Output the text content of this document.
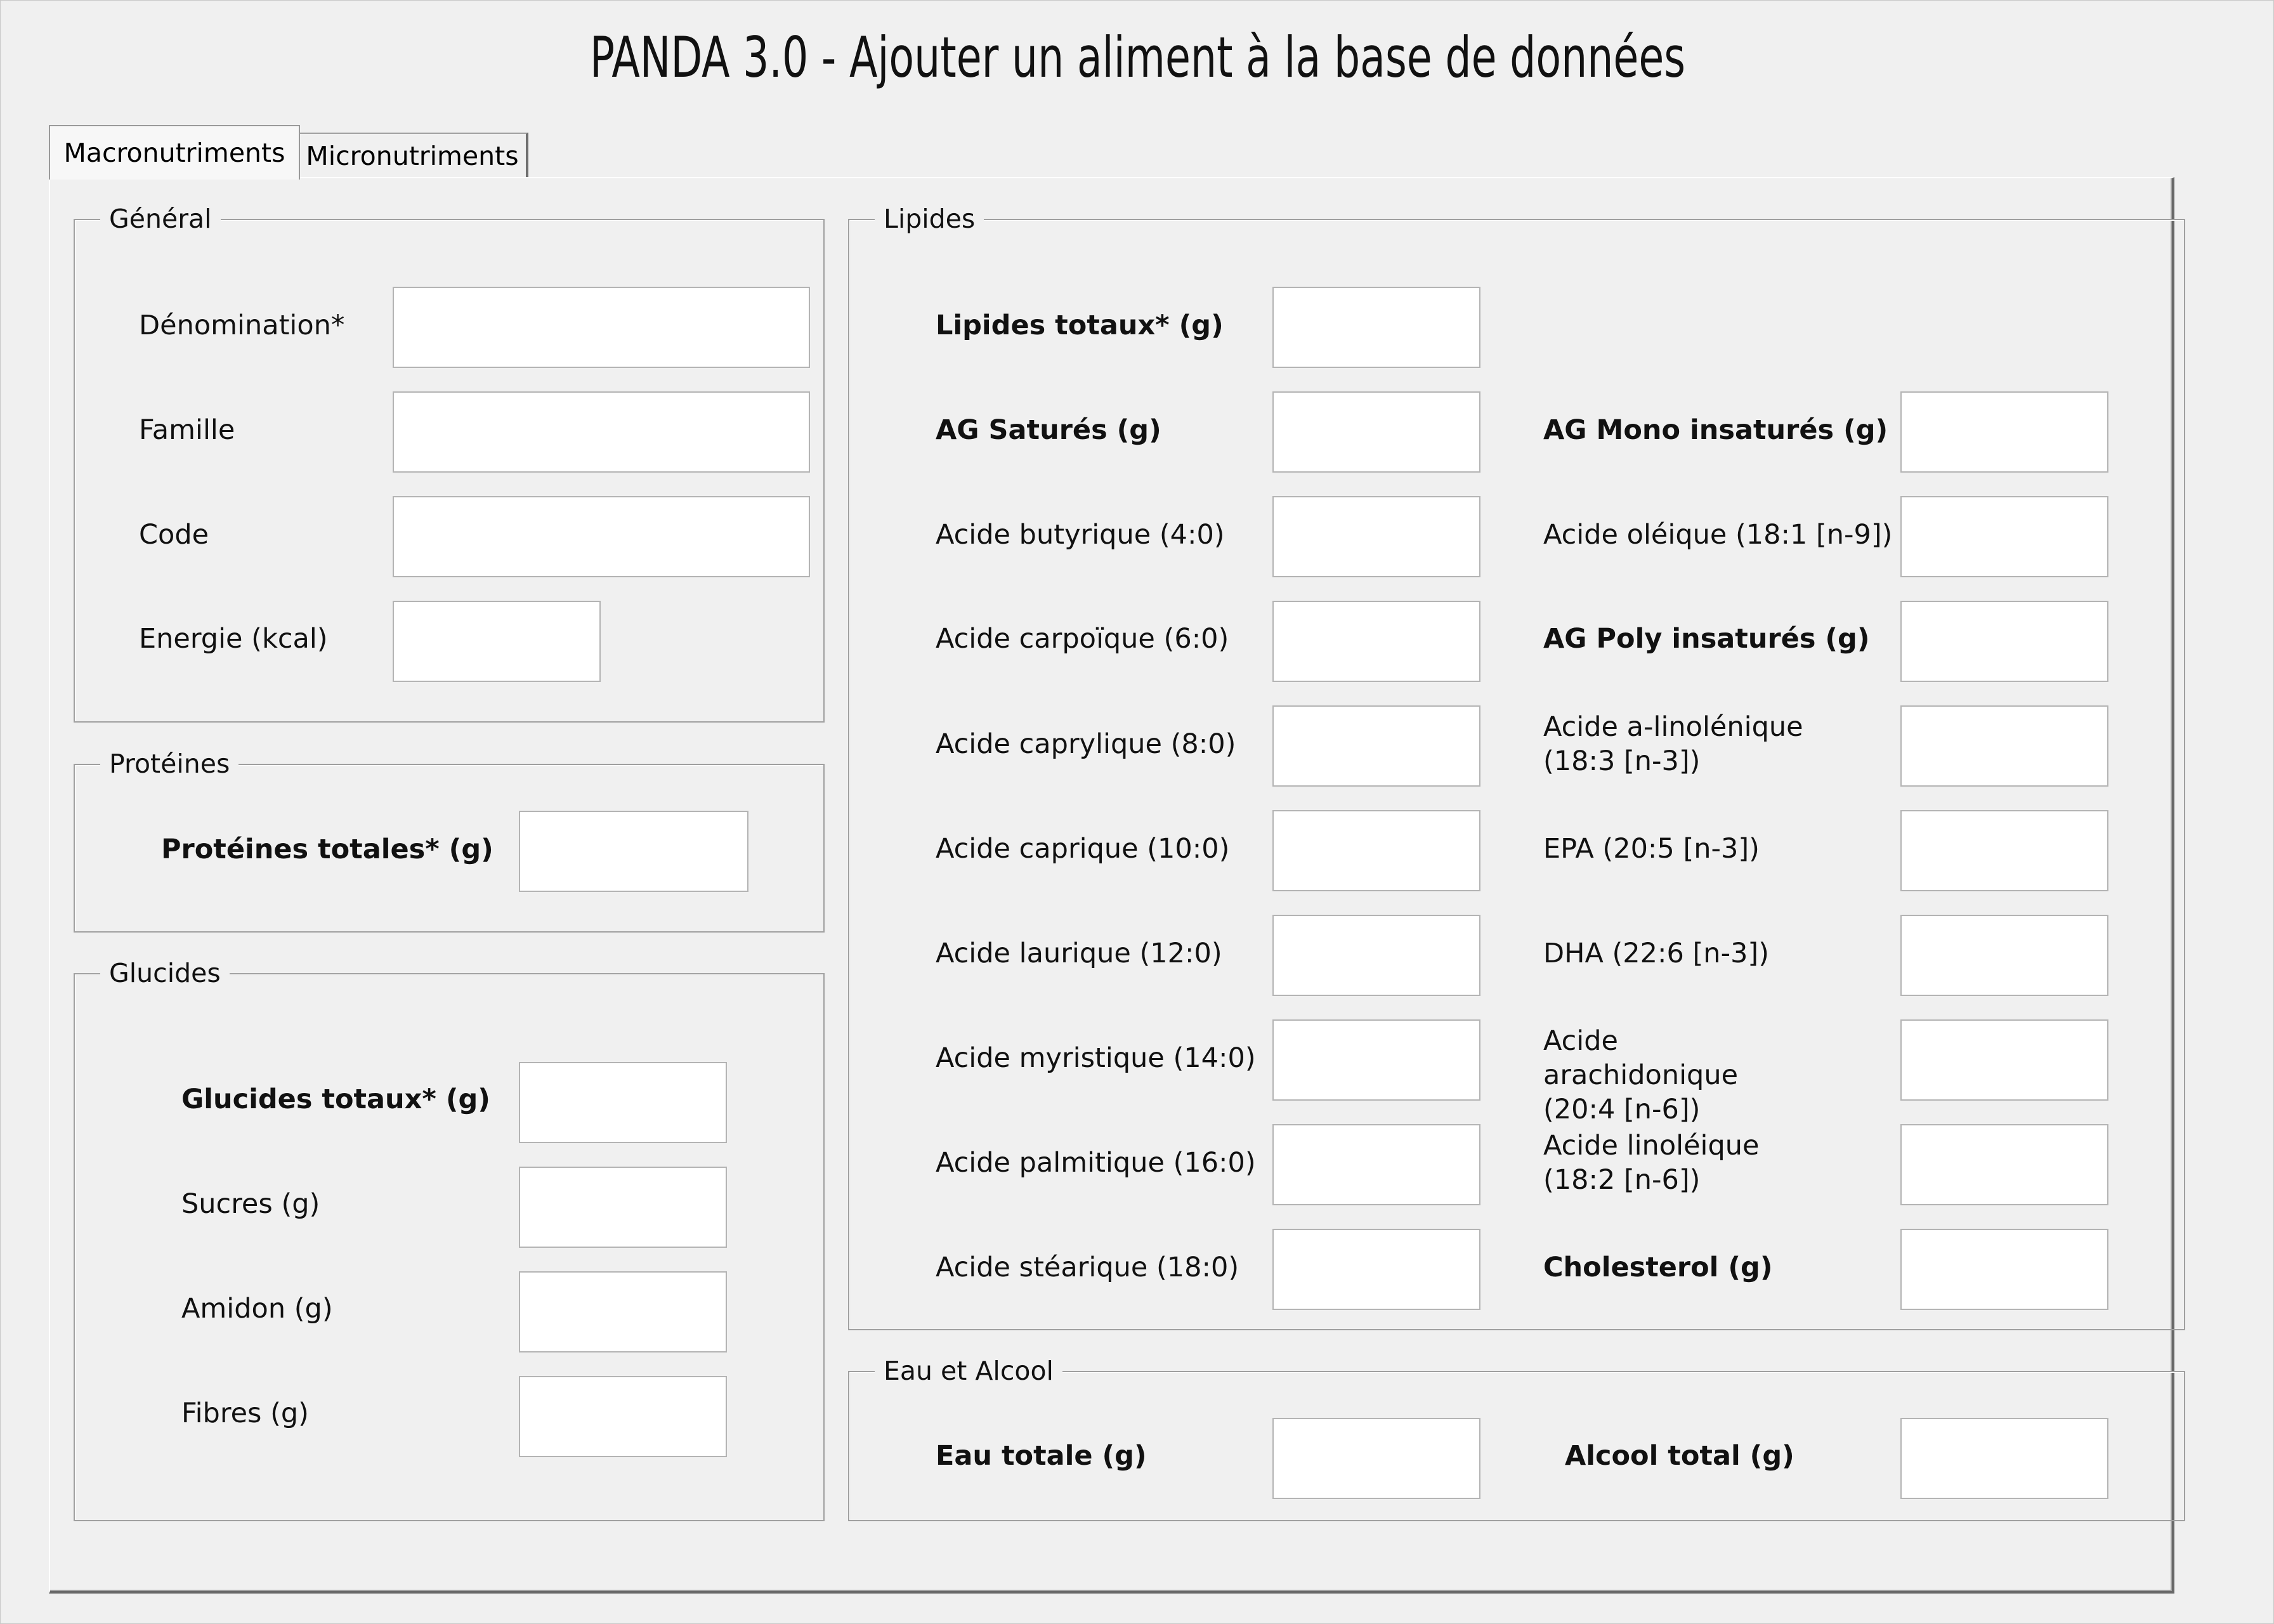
PANDA 3.0 - Ajouter un aliment à la base de données
Macronutriments Micronutriments
Général
Dénomination*
Famille
Code
Energie (kcal)
Protéines
Protéines totales* (g)
Glucides
Glucides totaux* (g)
Sucres (g)
Amidon (g)
Fibres (g)
Lipides
Lipides totaux* (g)
AG Saturés (g)
Acide butyrique (4:0)
Acide carpoïque (6:0)
Acide caprylique (8:0)
Acide caprique (10:0)
Acide laurique (12:0)
Acide myristique (14:0)
Acide palmitique (16:0)
Acide stéarique (18:0)
AG Mono insaturés (g)
Acide oléique (18:1 [n-9])
AG Poly insaturés (g)
Acide a-linolénique (18:3 [n-3])
EPA (20:5 [n-3])
DHA (22:6 [n-3])
Acide arachidonique (20:4 [n-6])
Acide linoléique (18:2 [n-6])
Cholesterol (g)
Eau et Alcool
Eau totale (g)	Alcool total (g)
